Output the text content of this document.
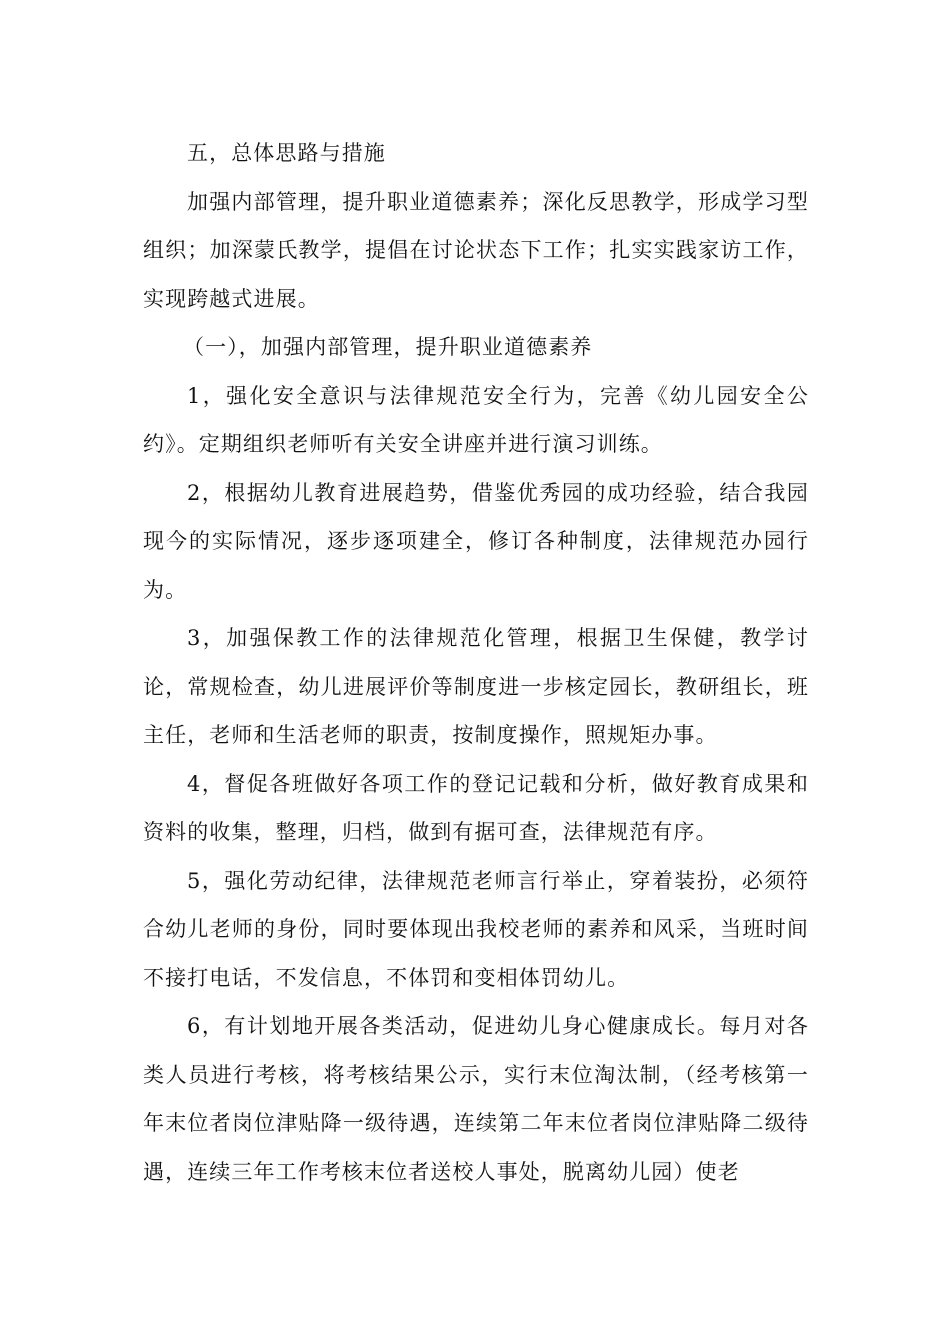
五，总体思路与措施

加强内部管理，提升职业道德素养；深化反思教学，形成学习型组织；加深蒙氏教学，提倡在讨论状态下工作；扎实实践家访工作，实现跨越式进展。

（一），加强内部管理，提升职业道德素养

1，强化安全意识与法律规范安全行为，完善《幼儿园安全公约》。定期组织老师听有关安全讲座并进行演习训练。

2，根据幼儿教育进展趋势，借鉴优秀园的成功经验，结合我园现今的实际情况，逐步逐项建全，修订各种制度，法律规范办园行为。

3，加强保教工作的法律规范化管理，根据卫生保健，教学讨论，常规检查，幼儿进展评价等制度进一步核定园长，教研组长，班主任，老师和生活老师的职责，按制度操作，照规矩办事。

4，督促各班做好各项工作的登记记载和分析，做好教育成果和资料的收集，整理，归档，做到有据可查，法律规范有序。

5，强化劳动纪律，法律规范老师言行举止，穿着装扮，必须符合幼儿老师的身份，同时要体现出我校老师的素养和风采，当班时间不接打电话，不发信息，不体罚和变相体罚幼儿。

6，有计划地开展各类活动，促进幼儿身心健康成长。每月对各类人员进行考核，将考核结果公示，实行末位淘汰制，（经考核第一年末位者岗位津贴降一级待遇，连续第二年末位者岗位津贴降二级待遇，连续三年工作考核末位者送校人事处，脱离幼儿园）使老
